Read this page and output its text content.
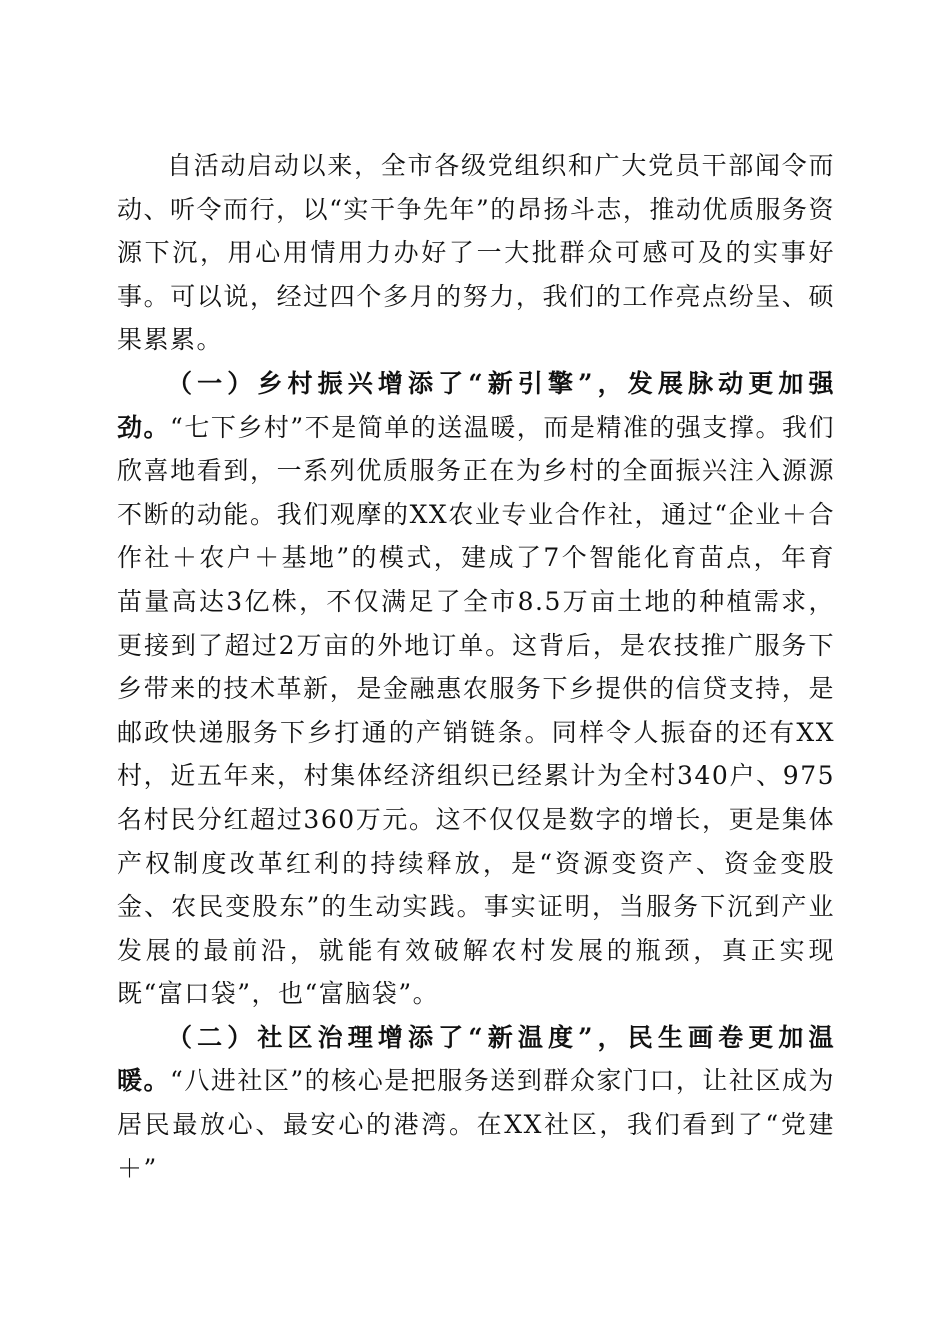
自活动启动以来，全市各级党组织和广大党员干部闻令而动、听令而行，以“实干争先年”的昂扬斗志，推动优质服务资源下沉，用心用情用力办好了一大批群众可感可及的实事好事。可以说，经过四个多月的努力，我们的工作亮点纷呈、硕果累累。

（一）乡村振兴增添了“新引擎”，发展脉动更加强劲。“七下乡村”不是简单的送温暖，而是精准的强支撑。我们欣喜地看到，一系列优质服务正在为乡村的全面振兴注入源源不断的动能。我们观摩的XX农业专业合作社，通过“企业＋合作社＋农户＋基地”的模式，建成了7个智能化育苗点，年育苗量高达3亿株，不仅满足了全市8.5万亩土地的种植需求，更接到了超过2万亩的外地订单。这背后，是农技推广服务下乡带来的技术革新，是金融惠农服务下乡提供的信贷支持，是邮政快递服务下乡打通的产销链条。同样令人振奋的还有XX村，近五年来，村集体经济组织已经累计为全村340户、975名村民分红超过360万元。这不仅仅是数字的增长，更是集体产权制度改革红利的持续释放，是“资源变资产、资金变股金、农民变股东”的生动实践。事实证明，当服务下沉到产业发展的最前沿，就能有效破解农村发展的瓶颈，真正实现既“富口袋”，也“富脑袋”。

（二）社区治理增添了“新温度”，民生画卷更加温暖。“八进社区”的核心是把服务送到群众家门口，让社区成为居民最放心、最安心的港湾。在XX社区，我们看到了“党建＋”
